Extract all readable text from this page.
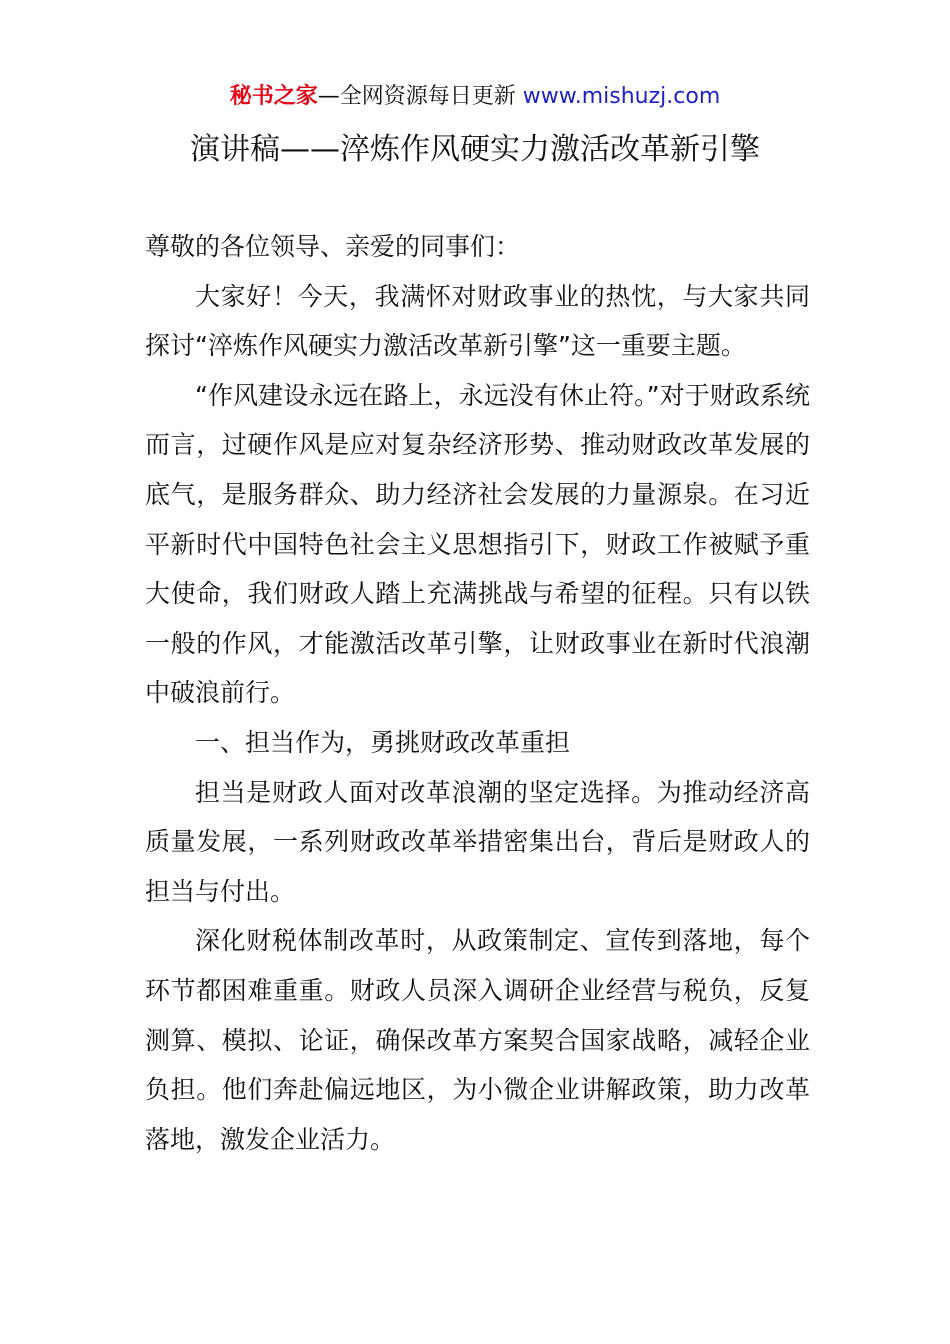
秘书之家—全网资源每日更新 www.mishuzj.com
演讲稿——淬炼作风硬实力激活改革新引擎

尊敬的各位领导、亲爱的同事们：

大家好！今天，我满怀对财政事业的热忱，与大家共同探讨“淬炼作风硬实力激活改革新引擎”这一重要主题。

“作风建设永远在路上，永远没有休止符。”对于财政系统而言，过硬作风是应对复杂经济形势、推动财政改革发展的底气，是服务群众、助力经济社会发展的力量源泉。在习近平新时代中国特色社会主义思想指引下，财政工作被赋予重大使命，我们财政人踏上充满挑战与希望的征程。只有以铁一般的作风，才能激活改革引擎，让财政事业在新时代浪潮中破浪前行。

一、担当作为，勇挑财政改革重担

担当是财政人面对改革浪潮的坚定选择。为推动经济高质量发展，一系列财政改革举措密集出台，背后是财政人的担当与付出。

深化财税体制改革时，从政策制定、宣传到落地，每个环节都困难重重。财政人员深入调研企业经营与税负，反复测算、模拟、论证，确保改革方案契合国家战略，减轻企业负担。他们奔赴偏远地区，为小微企业讲解政策，助力改革落地，激发企业活力。
